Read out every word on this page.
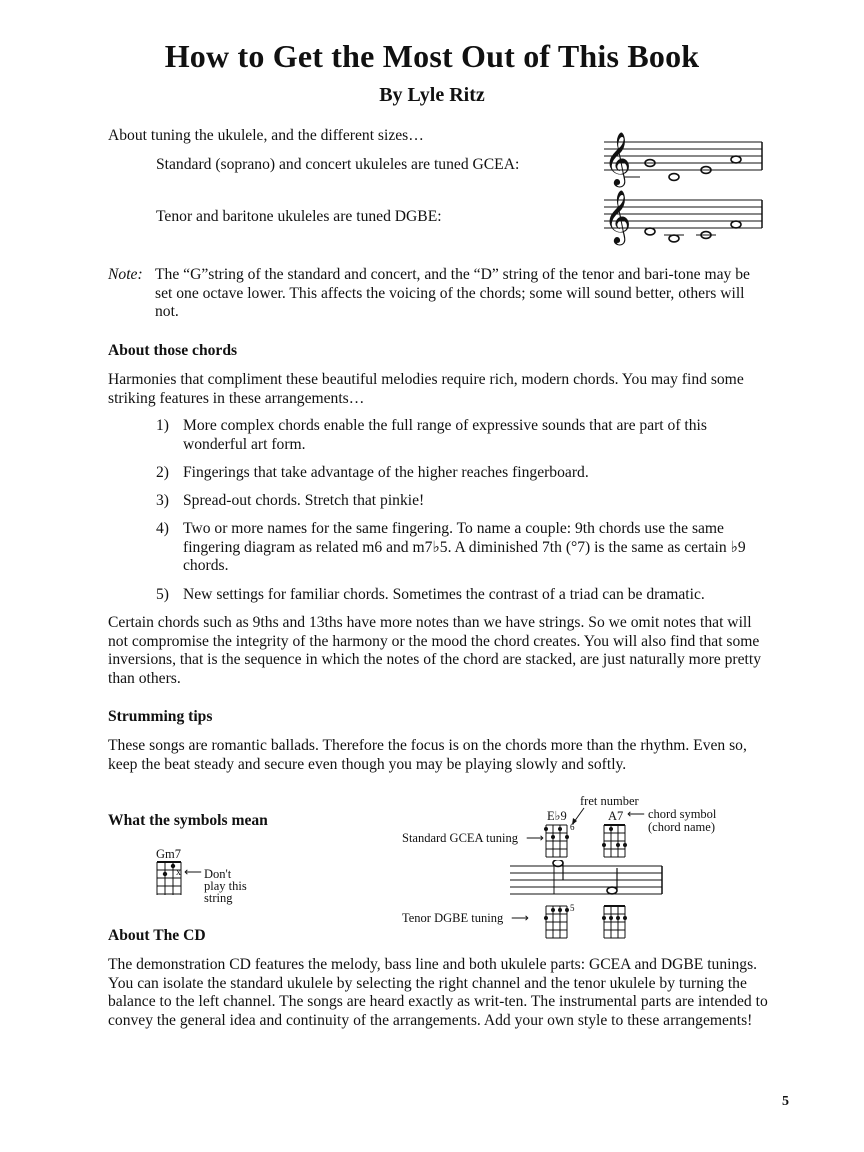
How to Get the Most Out of This Book
By Lyle Ritz
About tuning the ukulele, and the different sizes…
Standard (soprano) and concert ukuleles are tuned GCEA:
Tenor and baritone ukuleles are tuned DGBE:
𝄞
𝄞
Note: The “G”string of the standard and concert, and the “D” string of the tenor and bari-tone may be set one octave lower. This affects the voicing of the chords; some will sound better, others will not.
About those chords
Harmonies that compliment these beautiful melodies require rich, modern chords. You may find some striking features in these arrangements…
1) More complex chords enable the full range of expressive sounds that are part of this wonderful art form.
2) Fingerings that take advantage of the higher reaches fingerboard.
3) Spread-out chords. Stretch that pinkie!
4) Two or more names for the same fingering. To name a couple: 9th chords use the same fingering diagram as related m6 and m7♭5. A diminished 7th (°7) is the same as certain ♭9 chords.
5) New settings for familiar chords. Sometimes the contrast of a triad can be dramatic.
Certain chords such as 9ths and 13ths have more notes than we have strings. So we omit notes that will not compromise the integrity of the harmony or the mood the chord creates. You will also find that some inversions, that is the sequence in which the notes of the chord are stacked, are just naturally more pretty than others.
Strumming tips
These songs are romantic ballads. Therefore the focus is on the chords more than the rhythm. Even so, keep the beat steady and secure even though you may be playing slowly and softly.
What the symbols mean
Gm7
x ⟵ Don't
play this
string
fret number
E♭9	A7 ⟵ chord symbol
(chord name)
Standard GCEA tuning ⟶
6
Tenor DGBE tuning ⟶
5
About The CD
The demonstration CD features the melody, bass line and both ukulele parts: GCEA and DGBE tunings. You can isolate the standard ukulele by selecting the right channel and the tenor ukulele by turning the balance to the left channel. The songs are heard exactly as writ-ten. The instrumental parts are intended to convey the general idea and continuity of the arrangements. Add your own style to these arrangements!
5
